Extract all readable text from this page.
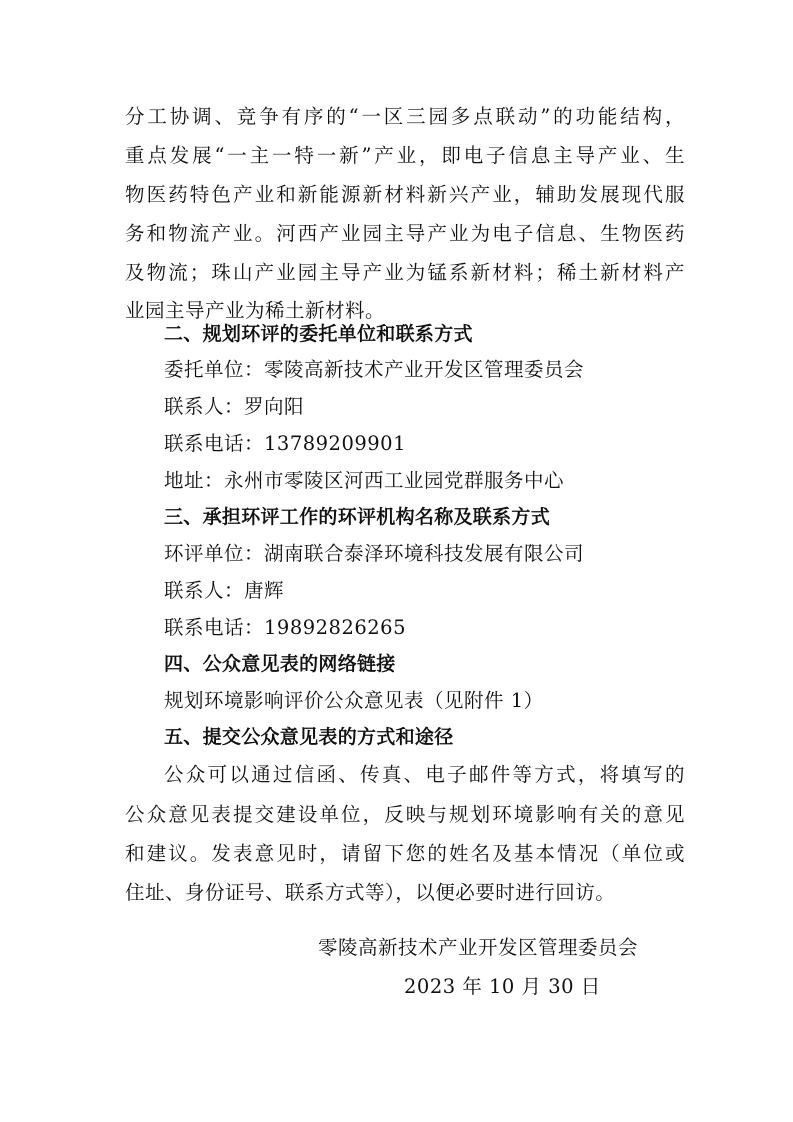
分工协调、竞争有序的“一区三园多点联动”的功能结构，
重点发展“一主一特一新”产业，即电子信息主导产业、生
物医药特色产业和新能源新材料新兴产业，辅助发展现代服
务和物流产业。河西产业园主导产业为电子信息、生物医药
及物流；珠山产业园主导产业为锰系新材料；稀土新材料产
业园主导产业为稀土新材料。
二、规划环评的委托单位和联系方式
委托单位：零陵高新技术产业开发区管理委员会
联系人：罗向阳
联系电话：13789209901
地址：永州市零陵区河西工业园党群服务中心
三、承担环评工作的环评机构名称及联系方式
环评单位：湖南联合泰泽环境科技发展有限公司
联系人：唐辉
联系电话：19892826265
四、公众意见表的网络链接
规划环境影响评价公众意见表（见附件 1）
五、提交公众意见表的方式和途径
公众可以通过信函、传真、电子邮件等方式，将填写的
公众意见表提交建设单位，反映与规划环境影响有关的意见
和建议。发表意见时，请留下您的姓名及基本情况（单位或
住址、身份证号、联系方式等），以便必要时进行回访。
零陵高新技术产业开发区管理委员会
2023 年 10 月 30 日
